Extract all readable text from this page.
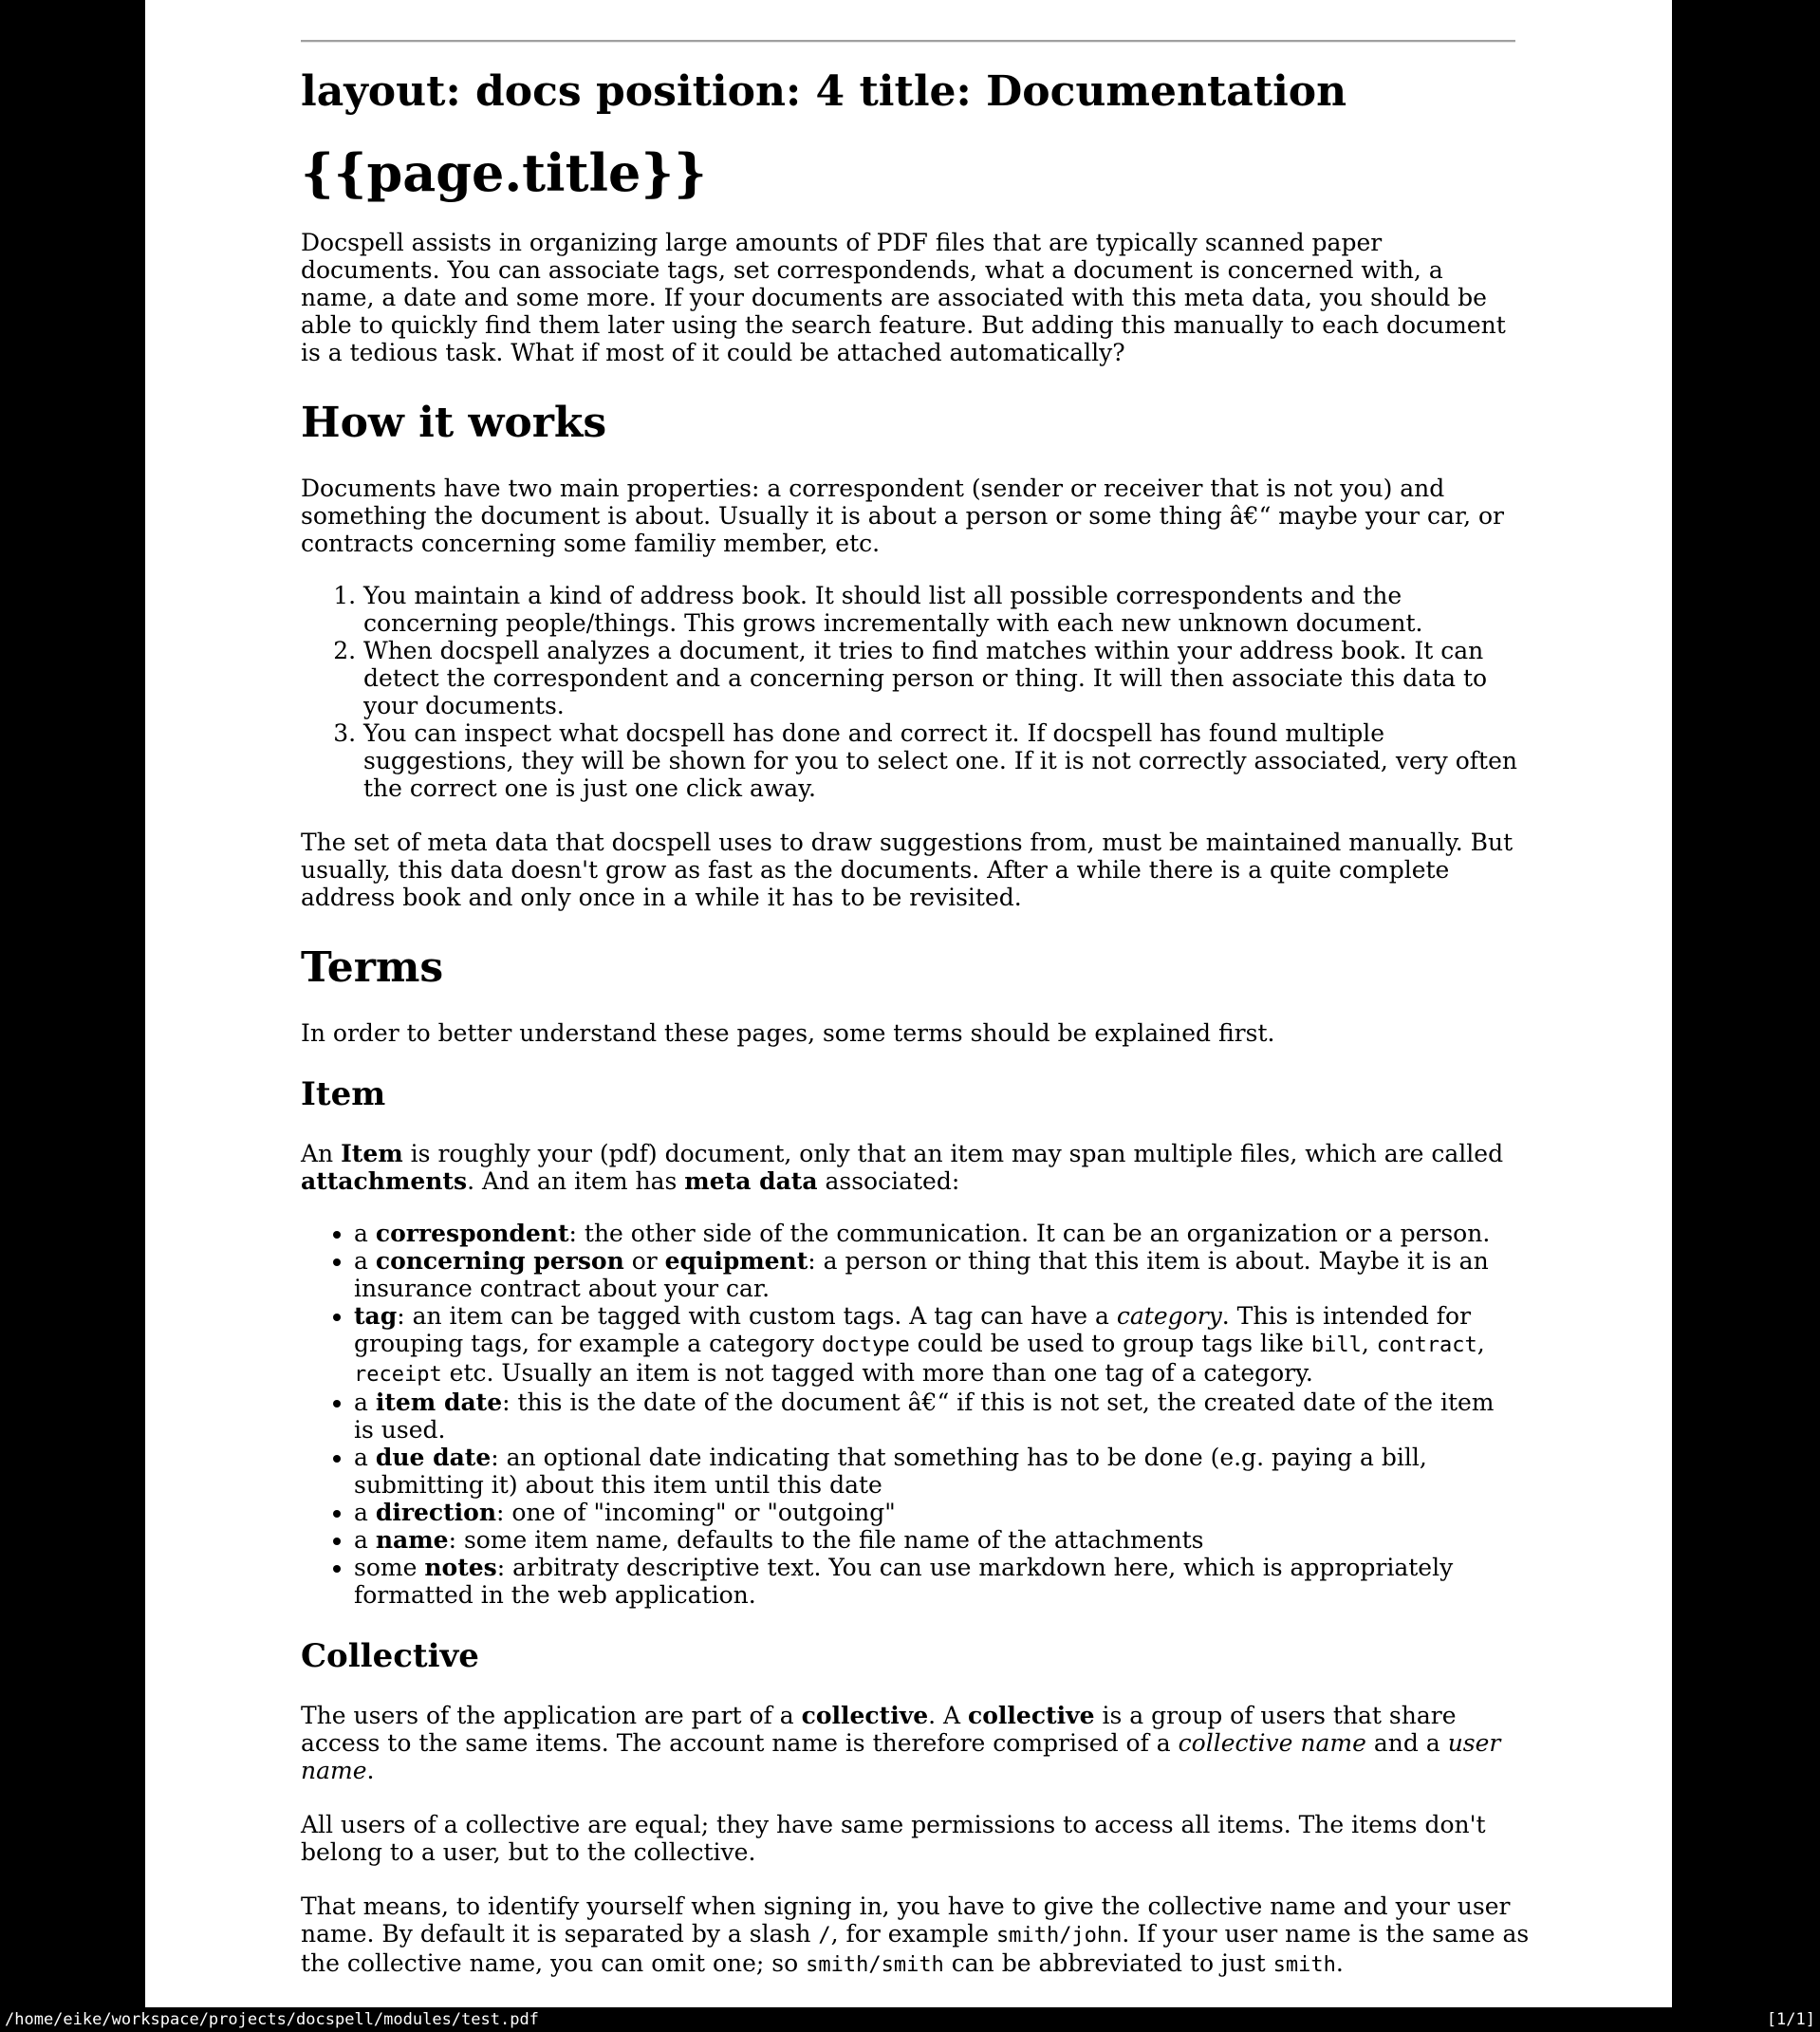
layout: docs position: 4 title: Documentation
{{page.title}}

Docspell assists in organizing large amounts of PDF files that are typically scanned paper
documents. You can associate tags, set correspondends, what a document is concerned with, a
name, a date and some more. If your documents are associated with this meta data, you should be
able to quickly find them later using the search feature. But adding this manually to each document
is a tedious task. What if most of it could be attached automatically?

How it works

Documents have two main properties: a correspondent (sender or receiver that is not you) and
something the document is about. Usually it is about a person or some thing â€“ maybe your car, or
contracts concerning some familiy member, etc.

1. You maintain a kind of address book. It should list all possible correspondents and the
concerning people/things. This grows incrementally with each new unknown document.
2. When docspell analyzes a document, it tries to find matches within your address book. It can
detect the correspondent and a concerning person or thing. It will then associate this data to
your documents.
3. You can inspect what docspell has done and correct it. If docspell has found multiple
suggestions, they will be shown for you to select one. If it is not correctly associated, very often
the correct one is just one click away.

The set of meta data that docspell uses to draw suggestions from, must be maintained manually. But
usually, this data doesn't grow as fast as the documents. After a while there is a quite complete
address book and only once in a while it has to be revisited.

Terms

In order to better understand these pages, some terms should be explained first.

Item

An Item is roughly your (pdf) document, only that an item may span multiple files, which are called
attachments. And an item has meta data associated:

• a correspondent: the other side of the communication. It can be an organization or a person.
• a concerning person or equipment: a person or thing that this item is about. Maybe it is an
insurance contract about your car.
• tag: an item can be tagged with custom tags. A tag can have a category. This is intended for
grouping tags, for example a category doctype could be used to group tags like bill, contract,
receipt etc. Usually an item is not tagged with more than one tag of a category.
• a item date: this is the date of the document â€“ if this is not set, the created date of the item
is used.
• a due date: an optional date indicating that something has to be done (e.g. paying a bill,
submitting it) about this item until this date
• a direction: one of "incoming" or "outgoing"
• a name: some item name, defaults to the file name of the attachments
• some notes: arbitraty descriptive text. You can use markdown here, which is appropriately
formatted in the web application.
Collective

The users of the application are part of a collective. A collective is a group of users that share
access to the same items. The account name is therefore comprised of a collective name and a user
name.

All users of a collective are equal; they have same permissions to access all items. The items don't
belong to a user, but to the collective.

That means, to identify yourself when signing in, you have to give the collective name and your user
name. By default it is separated by a slash /, for example smith/john. If your user name is the same as
the collective name, you can omit one; so smith/smith can be abbreviated to just smith.

/home/eike/workspace/projects/docspell/modules/test.pdf	[1/1]
